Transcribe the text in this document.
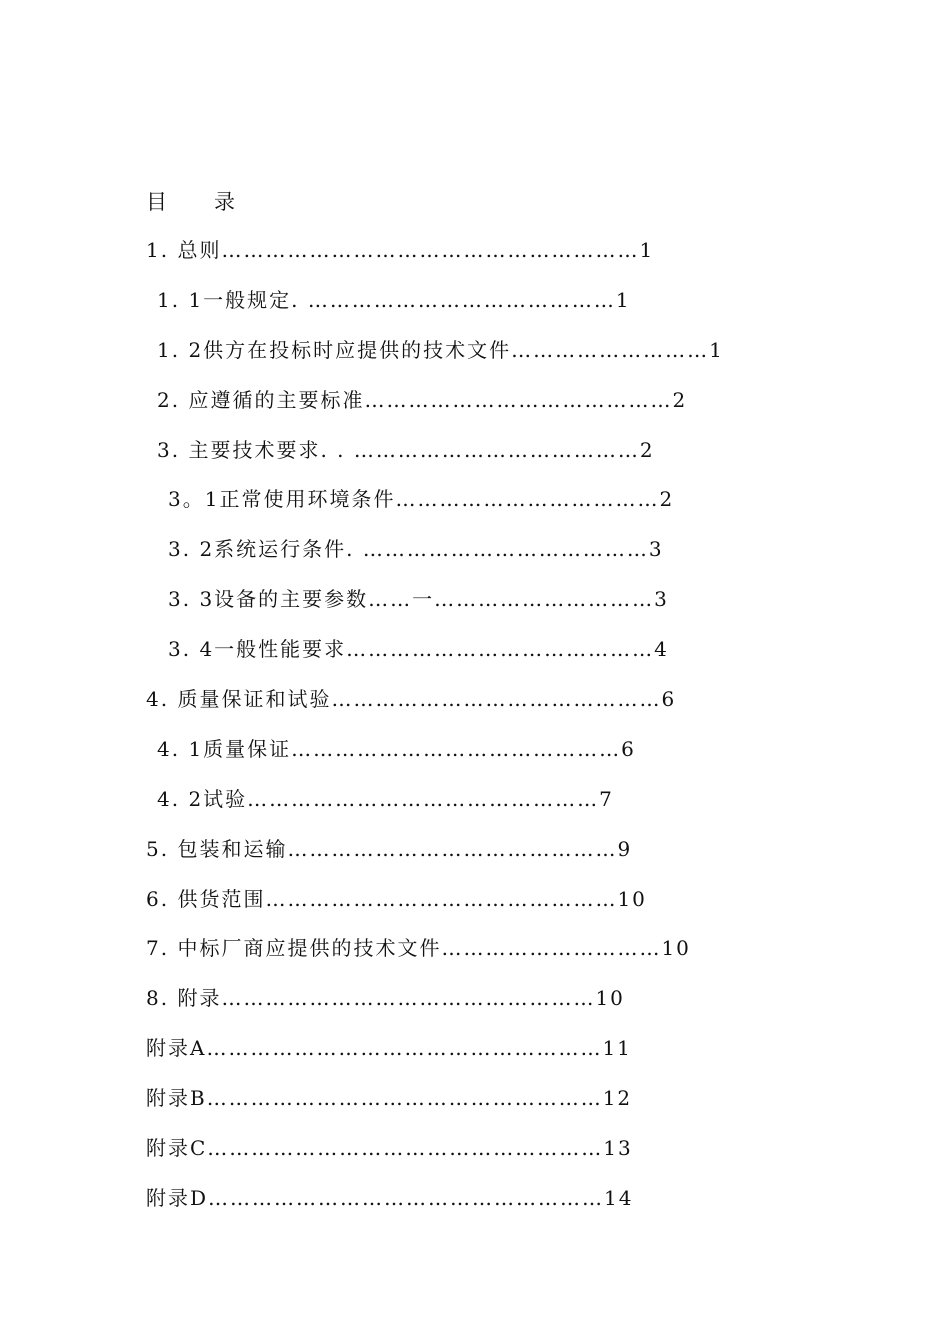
目      录
1. 总则…………………………………………………1
1. 1一般规定. ……………………………………1
1. 2供方在投标时应提供的技术文件………………………1
2. 应遵循的主要标准……………………………………2
3. 主要技术要求. . …………………………………2
3。1正常使用环境条件………………………………2
3. 2系统运行条件. …………………………………3
3. 3设备的主要参数……一…………………………3
3. 4一般性能要求……………………………………4
4. 质量保证和试验………………………………………6
4. 1质量保证………………………………………6
4. 2试验…………………………………………7
5. 包装和运输………………………………………9
6. 供货范围…………………………………………10
7. 中标厂商应提供的技术文件…………………………10
8. 附录……………………………………………10
附录A………………………………………………11
附录B………………………………………………12
附录C………………………………………………13
附录D………………………………………………14
